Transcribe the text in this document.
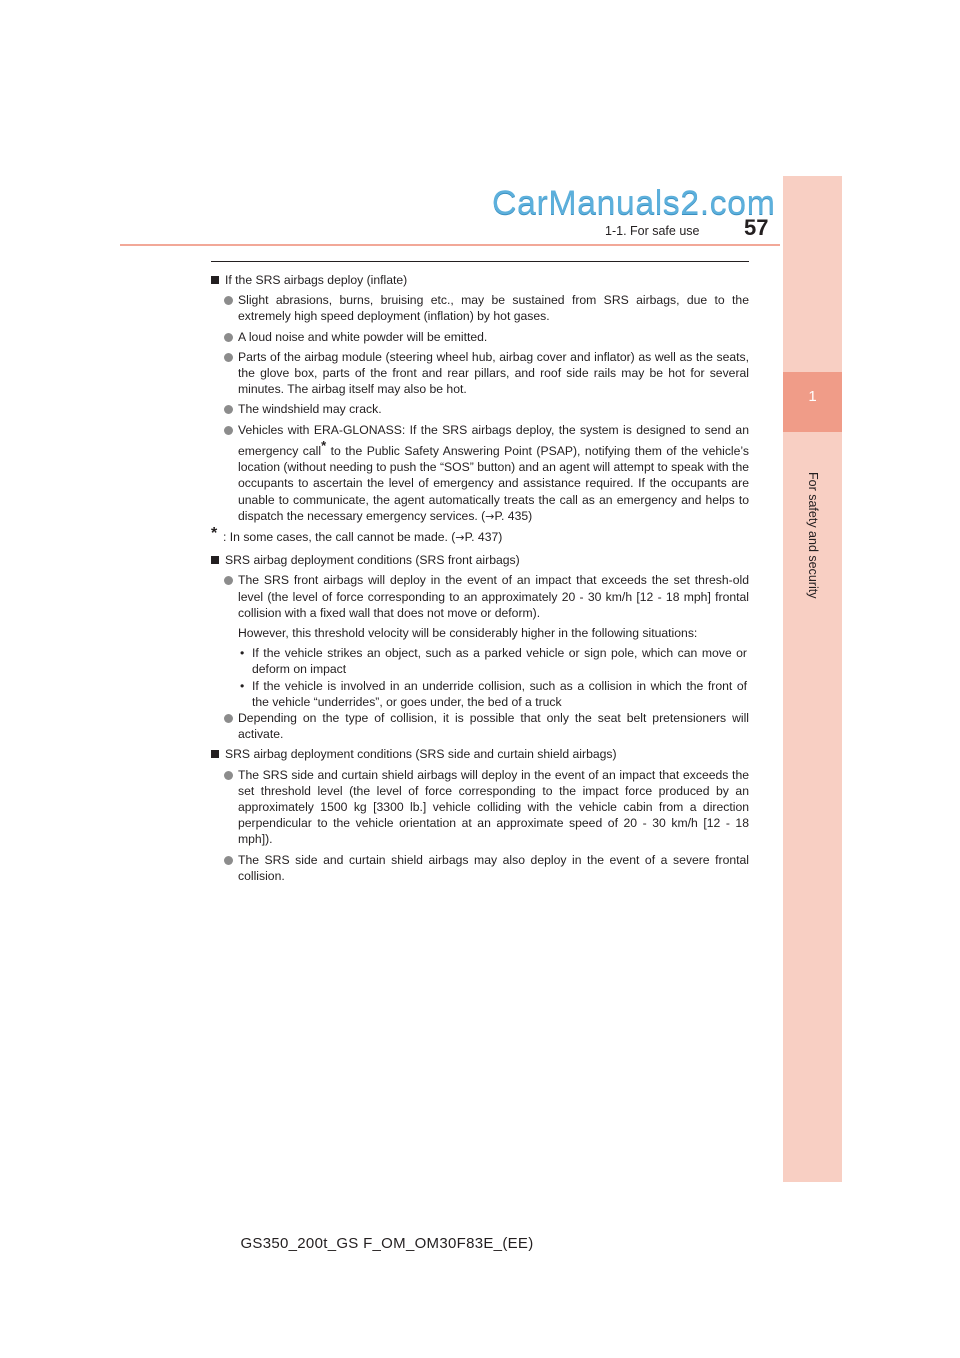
1
For safety and security
CarManuals2.com
1-1. For safe use 57
If the SRS airbags deploy (inflate)
Slight abrasions, burns, bruising etc., may be sustained from SRS airbags, due to the extremely high speed deployment (inflation) by hot gases.
A loud noise and white powder will be emitted.
Parts of the airbag module (steering wheel hub, airbag cover and inflator) as well as the seats, the glove box, parts of the front and rear pillars, and roof side rails may be hot for several minutes. The airbag itself may also be hot.
The windshield may crack.
Vehicles with ERA-GLONASS: If the SRS airbags deploy, the system is designed to send an emergency call* to the Public Safety Answering Point (PSAP), notifying them of the vehicle’s location (without needing to push the “SOS” button) and an agent will attempt to speak with the occupants to ascertain the level of emergency and assistance required. If the occupants are unable to communicate, the agent automatically treats the call as an emergency and helps to dispatch the necessary emergency services. (→P. 435)
* : In some cases, the call cannot be made. (→P. 437)
SRS airbag deployment conditions (SRS front airbags)
The SRS front airbags will deploy in the event of an impact that exceeds the set thresh-old level (the level of force corresponding to an approximately 20 - 30 km/h [12 - 18 mph] frontal collision with a fixed wall that does not move or deform).
However, this threshold velocity will be considerably higher in the following situations:
• If the vehicle strikes an object, such as a parked vehicle or sign pole, which can move or deform on impact
• If the vehicle is involved in an underride collision, such as a collision in which the front of the vehicle “underrides”, or goes under, the bed of a truck
Depending on the type of collision, it is possible that only the seat belt pretensioners will activate.
SRS airbag deployment conditions (SRS side and curtain shield airbags)
The SRS side and curtain shield airbags will deploy in the event of an impact that exceeds the set threshold level (the level of force corresponding to the impact force produced by an approximately 1500 kg [3300 lb.] vehicle colliding with the vehicle cabin from a direction perpendicular to the vehicle orientation at an approximate speed of 20 - 30 km/h [12 - 18 mph]).
The SRS side and curtain shield airbags may also deploy in the event of a severe frontal collision.
GS350_200t_GS F_OM_OM30F83E_(EE)
